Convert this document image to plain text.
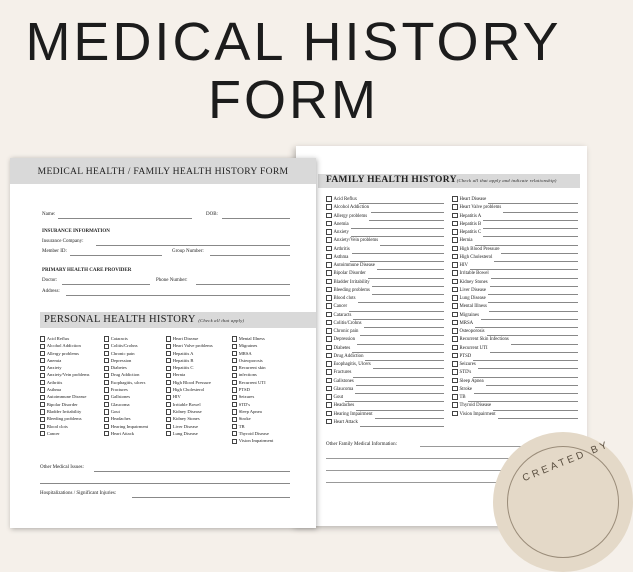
MEDICAL HISTORY
FORM
FAMILY HEALTH HISTORY(Check all that apply and indicate relationship)
Acid Reflux
Alcohol Addiction
Allergy problems
Anemia
Anxiety
Anxiety/Vein problems
Arthritis
Asthma
Autoimmune Disease
Bipolar Disorder
Bladder Irritability
Bleeding problems
Blood clots
Cancer
Cataracts
Colitis/Crohns
Chronic pain
Depression
Diabetes
Drug Addiction
Esophagitis, Ulcers
Fractures
Gallstones
Glaucoma
Gout
Headaches
Hearing Impairment
Heart Attack
Heart Disease
Heart Valve problems
Hepatitis A
Hepatitis B
Hepatitis C
Hernia
High Blood Pressure
High Cholesterol
HIV
Irritable Bowel
Kidney Stones
Liver Disease
Lung Disease
Mental Illness
Migraines
MRSA
Osteoporosis
Recurrent Skin Infections
Recurrent UTI
PTSD
Seizures
STD's
Sleep Apnea
Stroke
TB
Thyroid Disease
Vision Impairment
Other Family Medical Information:	CREATED BY
MEDICAL HEALTH / FAMILY HEALTH HISTORY FORM
Name:	DOB:
INSURANCE INFORMATION
Insurance Company:
Member ID:	Group Number:
PRIMARY HEALTH CARE PROVIDER
Doctor:	Phone Number:
Address:
PERSONAL HEALTH HISTORY (Check all that apply)
Acid Reflux
Alcohol Addiction
Allergy problems
Anemia
Anxiety
Anxiety/Vein problems
Arthritis
Asthma
Autoimmune Disease
Bipolar Disorder
Bladder Irritability
Bleeding problems
Blood clots
Cancer
Cataracts
Colitis/Crohns
Chronic pain
Depression
Diabetes
Drug Addiction
Esophagitis, ulcers
Fractures
Gallstones
Glaucoma
Gout
Headaches
Hearing Impairment
Heart Attack
Heart Disease
Heart Valve problems
Hepatitis A
Hepatitis B
Hepatitis C
Hernia
High Blood Pressure
High Cholesterol
HIV
Irritable Bowel
Kidney Disease
Kidney Stones
Liver Disease
Lung Disease
Mental Illness
Migraines
MRSA
Osteoporosis
Recurrent skin
infections
Recurrent UTI
PTSD
Seizures
STD's
Sleep Apnea
Stroke
TB
Thyroid Disease
Vision Impairment
Other Medical Issues:
Hospitalizations / Significant Injuries:
